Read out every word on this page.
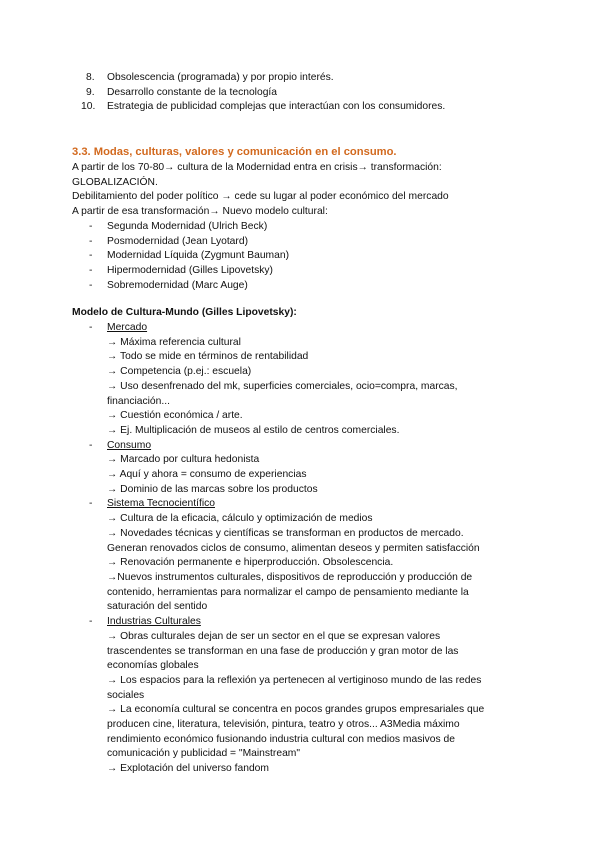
8.	Obsolescencia (programada) y por propio interés.
9.	Desarrollo constante de la tecnología
10.	Estrategia de publicidad complejas que interactúan con los consumidores.
3.3. Modas, culturas, valores y comunicación en el consumo.

A partir de los 70-80→ cultura de la Modernidad entra en crisis→ transformación:

GLOBALIZACIÓN.

Debilitamiento del poder político → cede su lugar al poder económico del mercado

A partir de esa transformación→ Nuevo modelo cultural:

-	Segunda Modernidad (Ulrich Beck)
-	Posmodernidad (Jean Lyotard)
-	Modernidad Líquida (Zygmunt Bauman)
-	Hipermodernidad (Gilles Lipovetsky)
-	Sobremodernidad (Marc Auge)
Modelo de Cultura-Mundo (Gilles Lipovetsky):
-	Mercado

→ Máxima referencia cultural

→ Todo se mide en términos de rentabilidad

→ Competencia (p.ej.: escuela)

→ Uso desenfrenado del mk, superficies comerciales, ocio=compra, marcas,

financiación...

→ Cuestión económica / arte.

→ Ej. Multiplicación de museos al estilo de centros comerciales.

-	Consumo

→ Marcado por cultura hedonista

→ Aquí y ahora = consumo de experiencias

→ Dominio de las marcas sobre los productos

-	Sistema Tecnocientífico

→ Cultura de la eficacia, cálculo y optimización de medios

→ Novedades técnicas y científicas se transforman en productos de mercado.

Generan renovados ciclos de consumo, alimentan deseos y permiten satisfacción

→ Renovación permanente e hiperproducción. Obsolescencia.

→Nuevos instrumentos culturales, dispositivos de reproducción y producción de

contenido, herramientas para normalizar el campo de pensamiento mediante la

saturación del sentido

-	Industrias Culturales

→ Obras culturales dejan de ser un sector en el que se expresan valores

trascendentes se transforman en una fase de producción y gran motor de las

economías globales

→ Los espacios para la reflexión ya pertenecen al vertiginoso mundo de las redes

sociales

→ La economía cultural se concentra en pocos grandes grupos empresariales que

producen cine, literatura, televisión, pintura, teatro y otros... A3Media máximo

rendimiento económico fusionando industria cultural con medios masivos de

comunicación y publicidad = "Mainstream"

→ Explotación del universo fandom
